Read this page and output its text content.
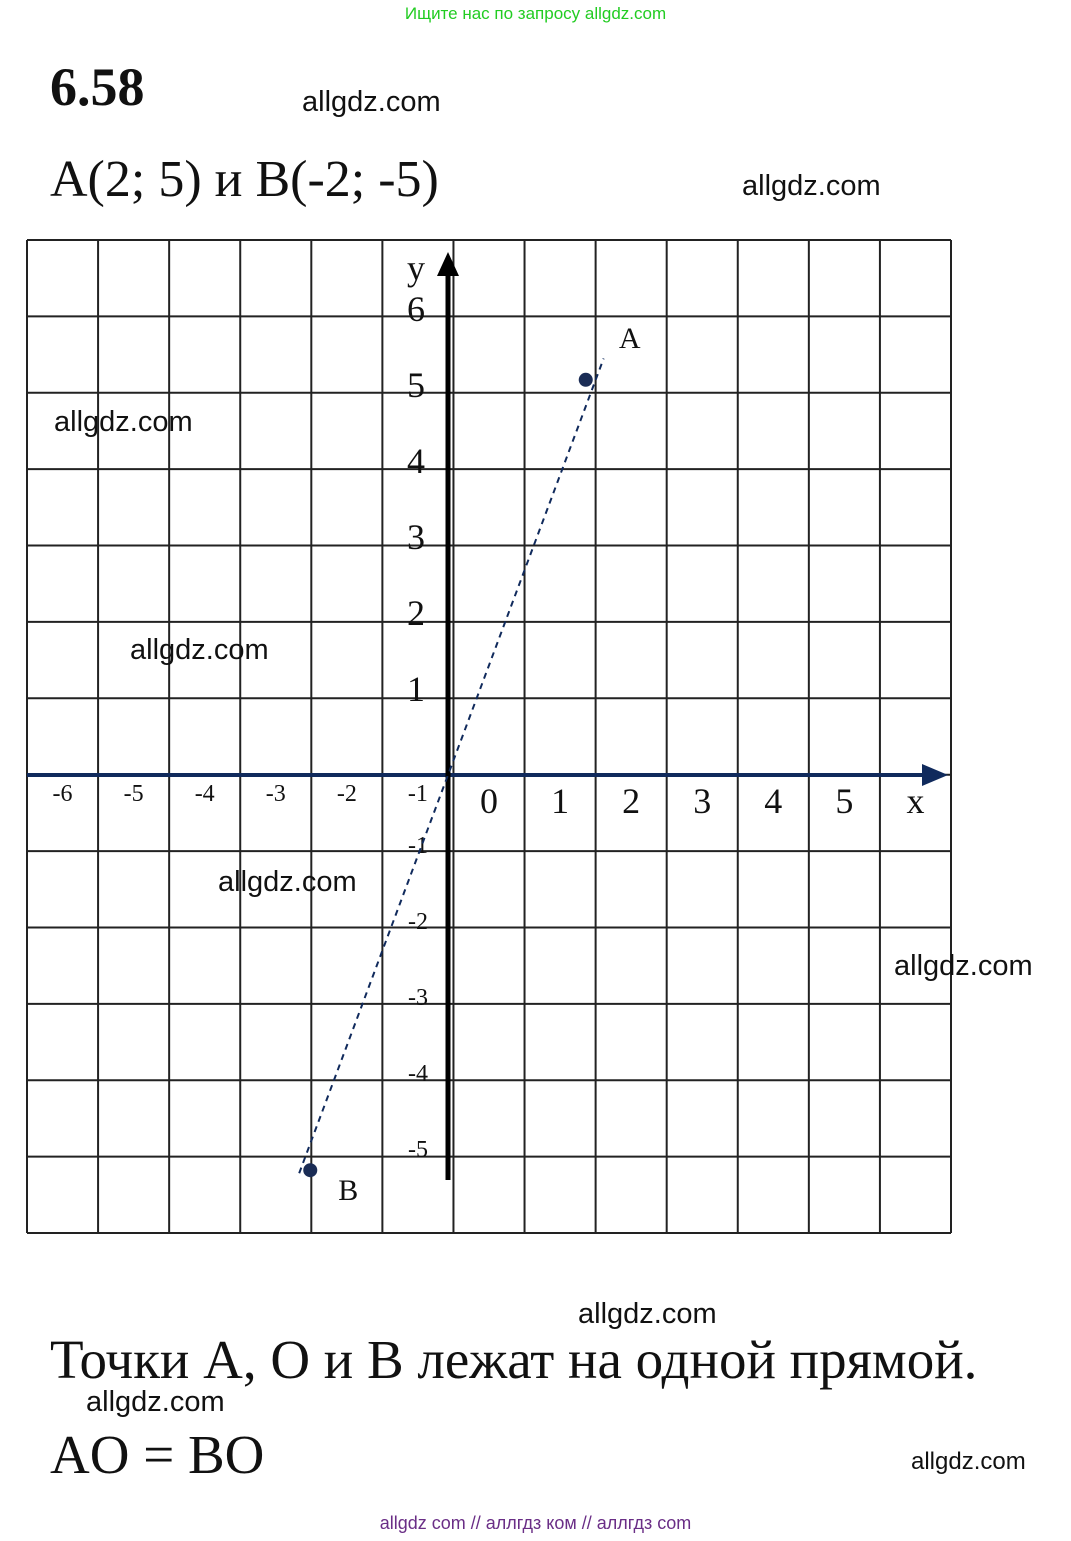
Ищите нас по запросу allgdz.com
6.58
A(2; 5) и B(-2; -5)
-6 -5 -4 -3 -2 -1 0 1 2 3 4 5 x
6
5
4
3
2
1
-1
-2
-3
-4
-5
y
A
B
allgdz.com
allgdz.com
allgdz.com
allgdz.com
allgdz.com
allgdz.com
allgdz.com
allgdz.com
allgdz.com
Точки A, O и B лежат на одной прямой.
AO = BO
allgdz com // аллгдз ком // аллгдз com
